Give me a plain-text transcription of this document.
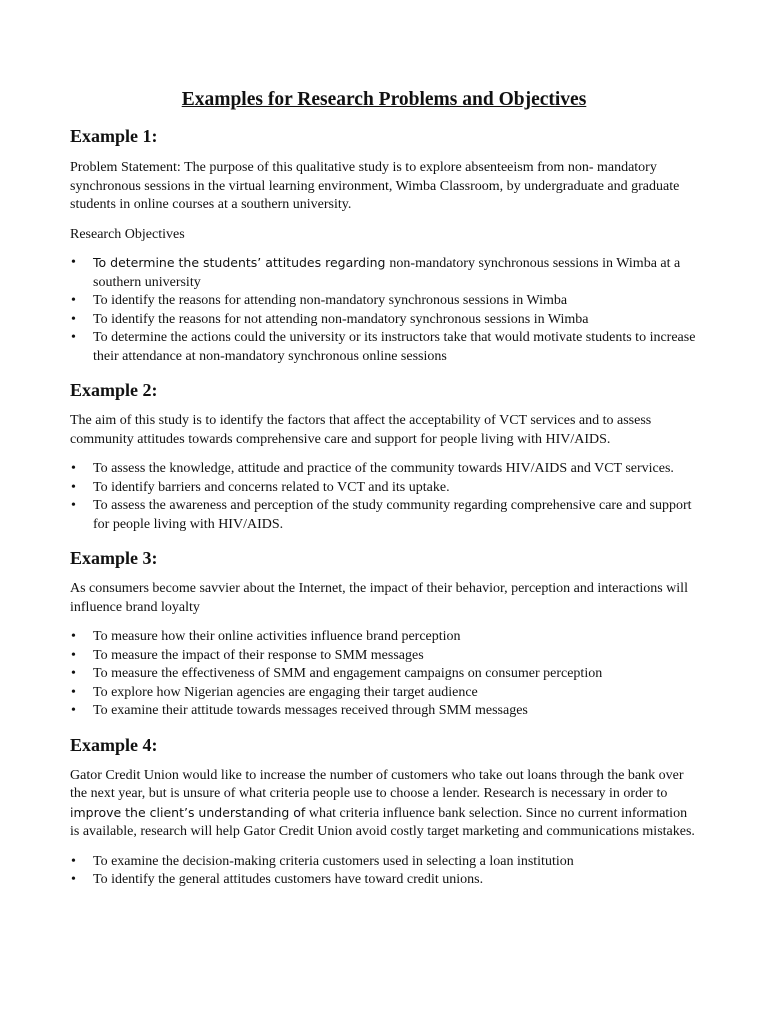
Examples for Research Problems and Objectives
Example 1:

Problem Statement: The purpose of this qualitative study is to explore absenteeism from non- mandatory synchronous sessions in the virtual learning environment, Wimba Classroom, by undergraduate and graduate students in online courses at a southern university.

Research Objectives

• To determine the students’ attitudes regarding non-mandatory synchronous sessions in Wimba at a southern university
• To identify the reasons for attending non-mandatory synchronous sessions in Wimba
• To identify the reasons for not attending non-mandatory synchronous sessions in Wimba
• To determine the actions could the university or its instructors take that would motivate students to increase their attendance at non-mandatory synchronous online sessions
Example 2:

The aim of this study is to identify the factors that affect the acceptability of VCT services and to assess community attitudes towards comprehensive care and support for people living with HIV/AIDS.

• To assess the knowledge, attitude and practice of the community towards HIV/AIDS and VCT services.
• To identify barriers and concerns related to VCT and its uptake.
• To assess the awareness and perception of the study community regarding comprehensive care and support for people living with HIV/AIDS.
Example 3:

As consumers become savvier about the Internet, the impact of their behavior, perception and interactions will influence brand loyalty

• To measure how their online activities influence brand perception
• To measure the impact of their response to SMM messages
• To measure the effectiveness of SMM and engagement campaigns on consumer perception
• To explore how Nigerian agencies are engaging their target audience
• To examine their attitude towards messages received through SMM messages
Example 4:

Gator Credit Union would like to increase the number of customers who take out loans through the bank over the next year, but is unsure of what criteria people use to choose a lender. Research is necessary in order to improve the client’s understanding of what criteria influence bank selection. Since no current information is available, research will help Gator Credit Union avoid costly target marketing and communications mistakes.

• To examine the decision-making criteria customers used in selecting a loan institution
• To identify the general attitudes customers have toward credit unions.
